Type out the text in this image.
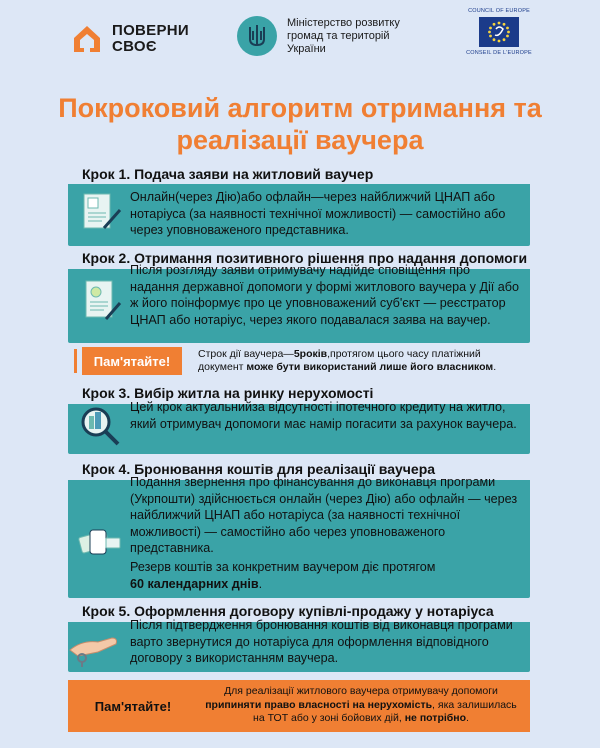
ПОВЕРНИ
СВОЄ
Міністерство розвитку громад та територій України
COUNCIL OF EUROPE
CONSEIL DE L'EUROPE
Покроковий алгоритм отримання та реалізації ваучера
Крок 1. Подача заяви на житловий ваучер
Онлайн(через Дію)або офлайн—через найближчий ЦНАП або нотаріуса (за наявності технічної можливості) — самостійно або через уповноваженого представника.
Крок 2. Отримання позитивного рішення про надання допомоги
Після розгляду заяви отримувачу надійде сповіщення про надання державної допомоги у формі житлового ваучера у Дії або ж його поінформує про це уповноважений суб'єкт — реєстратор ЦНАП або нотаріус, через якого подавалася заява на ваучер.
Пам'ятайте!	Строк дії ваучера—5років,протягом цього часу платіжний документ може бути використаний лише його власником.
Крок 3. Вибір житла на ринку нерухомості
Цей крок актуальнийза відсутності іпотечного кредиту на житло, який отримувач допомоги має намір погасити за рахунок ваучера.
Крок 4. Бронювання коштів для реалізації ваучера
Подання звернення про фінансування до виконавця програми (Укрпошти) здійснюється онлайн (через Дію) або офлайн — через найближчий ЦНАП або нотаріуса (за наявності технічної можливості) — самостійно або через уповноваженого представника.
Резерв коштів за конкретним ваучером діє протягом
60 календарних днів.
Крок 5. Оформлення договору купівлі-продажу у нотаріуса
Після підтвердження бронювання коштів від виконавця програми варто звернутися до нотаріуса для оформлення відповідного договору з використанням ваучера.
Пам'ятайте!
Для реалізації житлового ваучера отримувачу допомоги припиняти право власності на нерухомість, яка залишилась на ТОТ або у зоні бойових дій, не потрібно.
